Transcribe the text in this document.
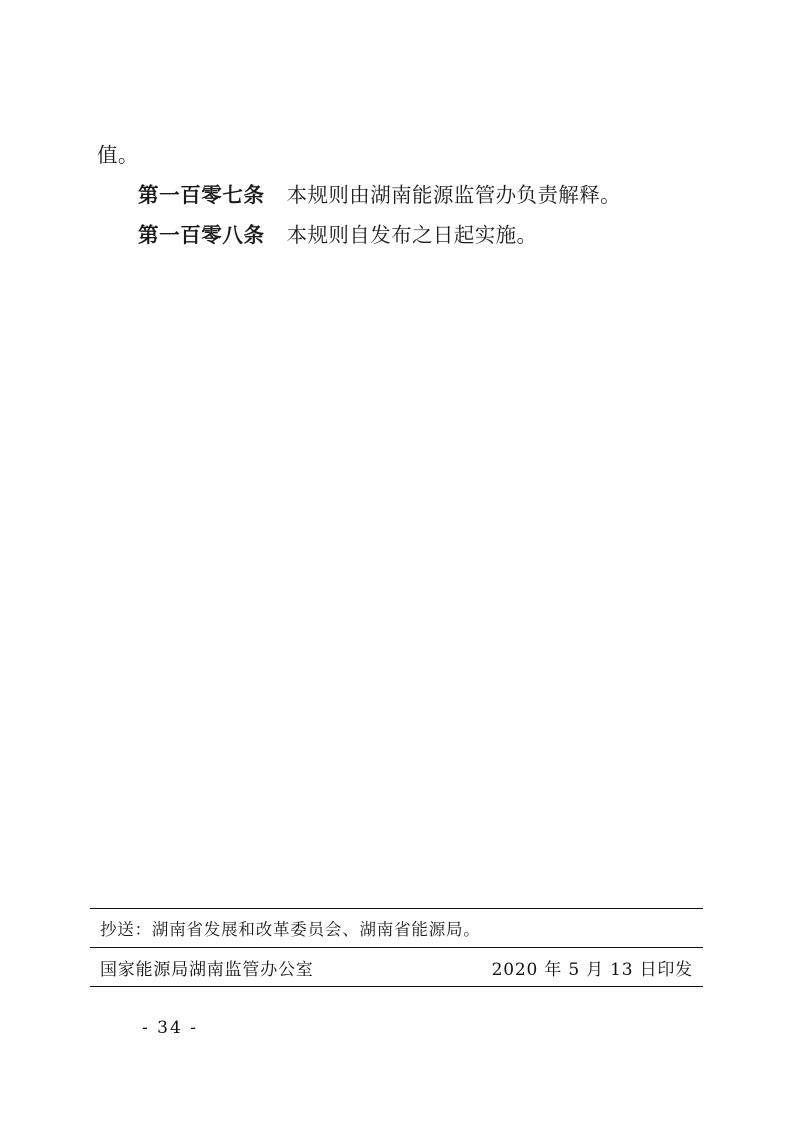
值。
第一百零七条 本规则由湖南能源监管办负责解释。
第一百零八条 本规则自发布之日起实施。
抄送：湖南省发展和改革委员会、湖南省能源局。
国家能源局湖南监管办公室	2020 年 5 月 13 日印发
- 34 -
